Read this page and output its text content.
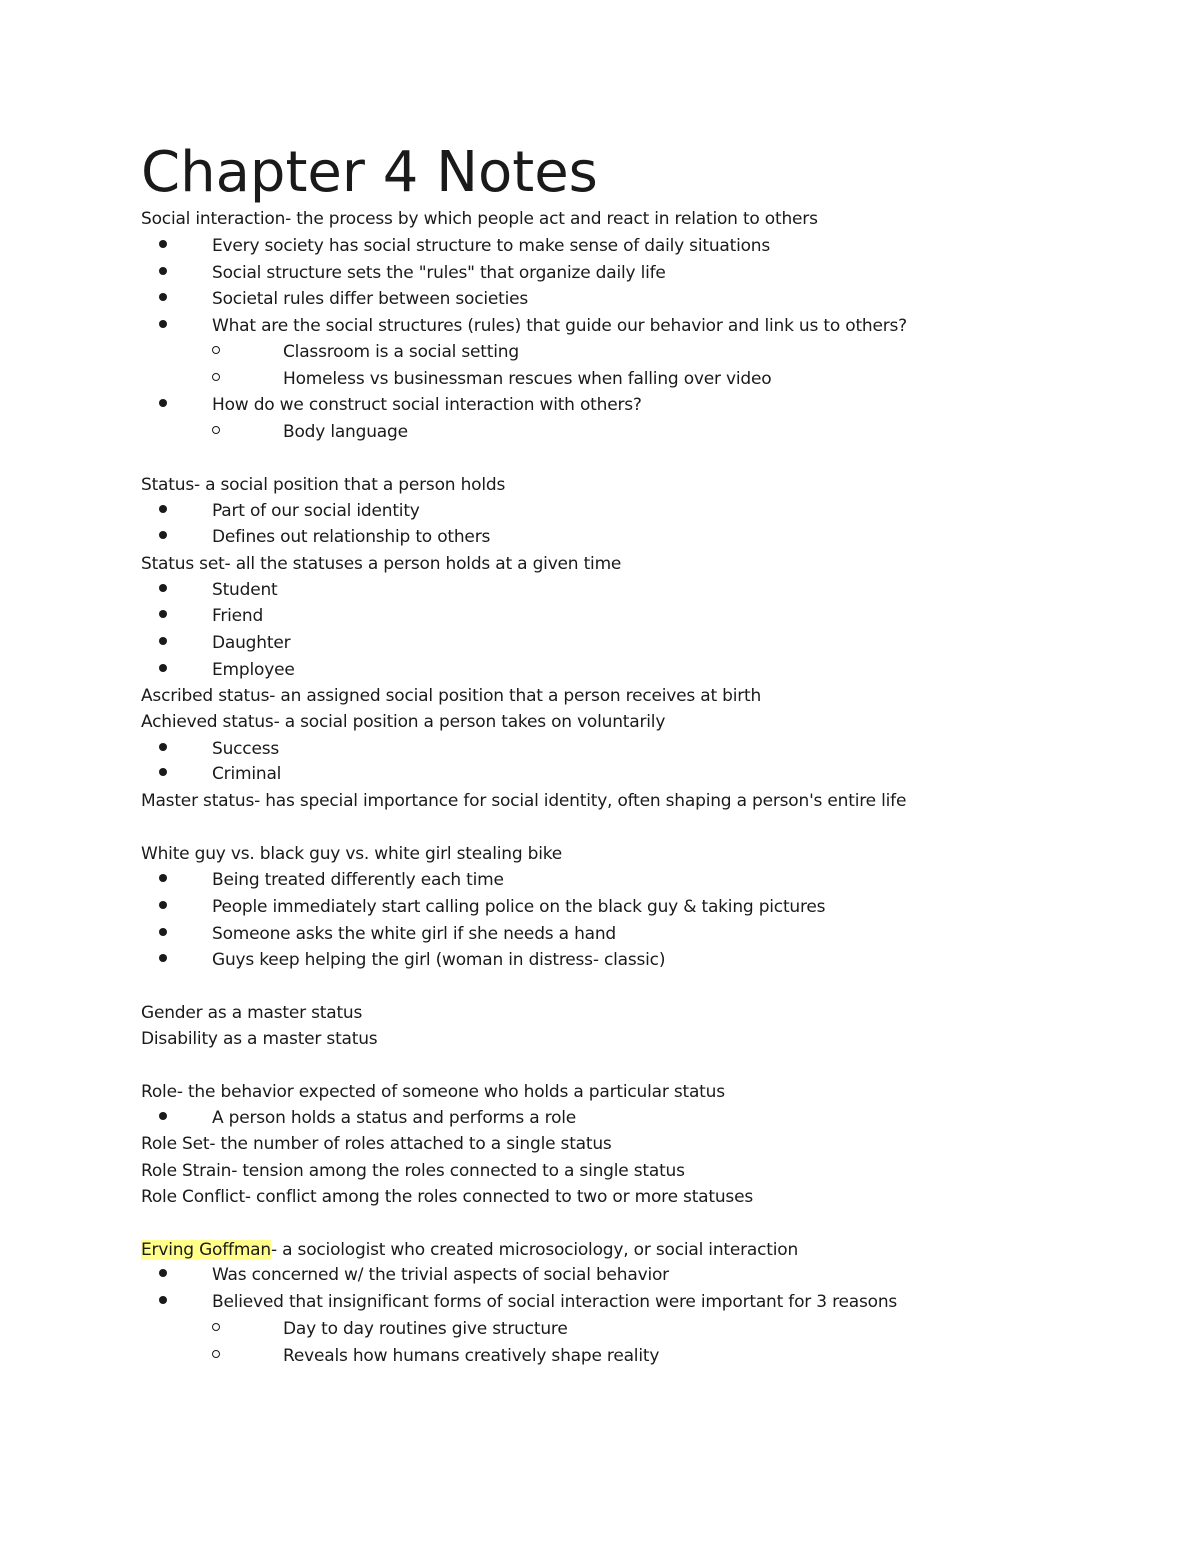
Chapter 4 Notes
Social interaction- the process by which people act and react in relation to others
Every society has social structure to make sense of daily situations
Social structure sets the "rules" that organize daily life
Societal rules differ between societies
What are the social structures (rules) that guide our behavior and link us to others?
Classroom is a social setting
Homeless vs businessman rescues when falling over video
How do we construct social interaction with others?
Body language
Status- a social position that a person holds
Part of our social identity
Defines out relationship to others
Status set- all the statuses a person holds at a given time
Student
Friend
Daughter
Employee
Ascribed status- an assigned social position that a person receives at birth
Achieved status- a social position a person takes on voluntarily
Success
Criminal
Master status- has special importance for social identity, often shaping a person's entire life
White guy vs. black guy vs. white girl stealing bike
Being treated differently each time
People immediately start calling police on the black guy & taking pictures
Someone asks the white girl if she needs a hand
Guys keep helping the girl (woman in distress- classic)
Gender as a master status
Disability as a master status
Role- the behavior expected of someone who holds a particular status
A person holds a status and performs a role
Role Set- the number of roles attached to a single status
Role Strain- tension among the roles connected to a single status
Role Conflict- conflict among the roles connected to two or more statuses
Erving Goffman- a sociologist who created microsociology, or social interaction
Was concerned w/ the trivial aspects of social behavior
Believed that insignificant forms of social interaction were important for 3 reasons
Day to day routines give structure
Reveals how humans creatively shape reality
